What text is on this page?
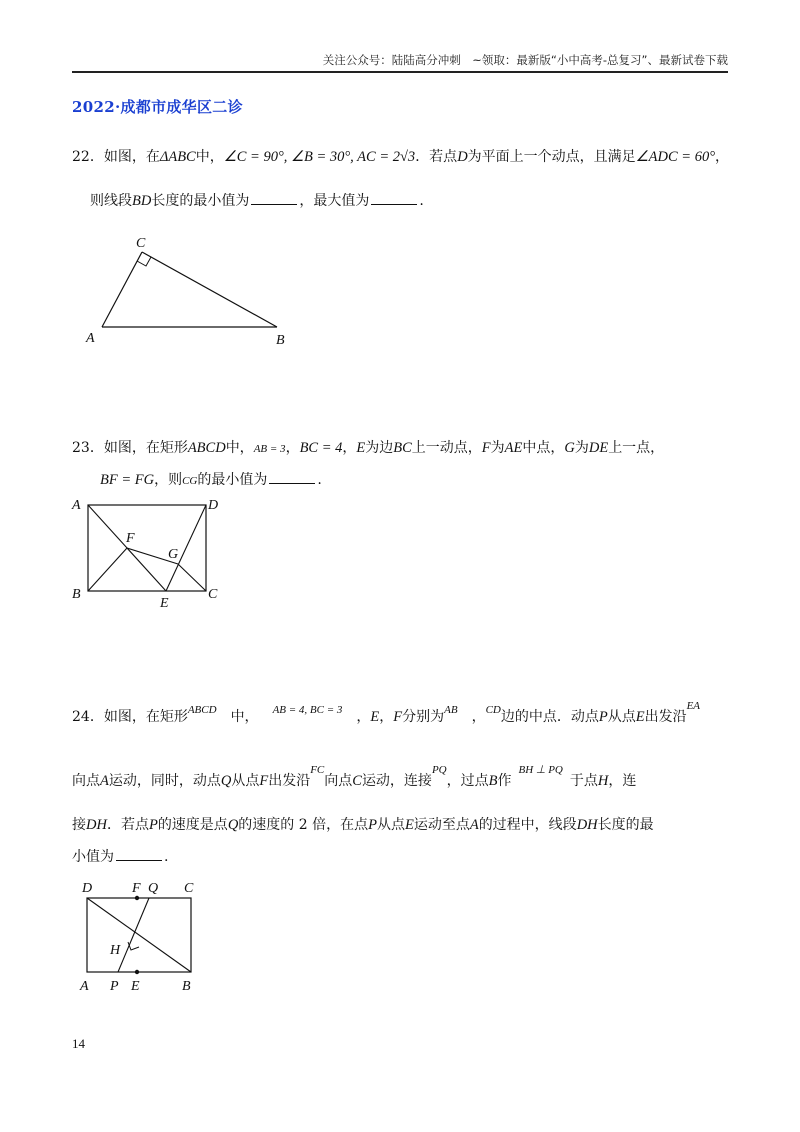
关注公众号：陆陆高分冲刺　~领取：最新版“小中高考-总复习”、最新试卷下载
2022·成都市成华区二诊
22．如图，在ΔABC中，∠C = 90°, ∠B = 30°, AC = 2√3．若点D为平面上一个动点，且满足∠ADC = 60°，
则线段BD长度的最小值为	，最大值为	.
C
A	B
23．如图，在矩形ABCD中，AB = 3，BC = 4，E为边BC上一动点，F为AE中点，G为DE上一点，
BF = FG，则CG的最小值为	.
A	D
F
G
B
E
C
24．如图，在矩形$^{ABCD}$  中，  $^{AB = 4, BC = 3}$  ，E，F分别为$^{AB}$  ，$^{CD}$边的中点．动点P从点E出发沿$^{EA}$
向点A运动，同时，动点Q从点F出发沿$^{FC}$向点C运动，连接$^{PQ}$，过点B作 $^{BH \perp PQ}$ 于点H，连
接DH．若点P的速度是点Q的速度的 2 倍，在点P从点E运动至点A的过程中，线段DH长度的最
小值为	.
D	F Q C
H
A P E	B
14
